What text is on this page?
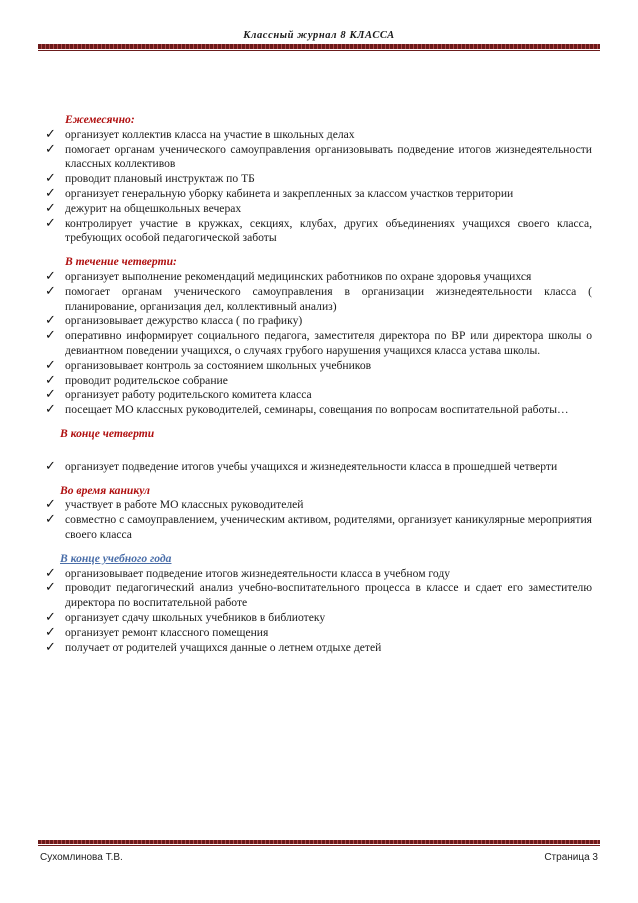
Классный журнал 8 КЛАССА
Ежемесячно:
✓ организует коллектив класса на участие в школьных делах
✓ помогает органам ученического самоуправления организовывать подведение итогов жизнедеятельности классных коллективов
✓ проводит плановый инструктаж по ТБ
✓ организует генеральную уборку кабинета и закрепленных за классом участков территории
✓ дежурит на общешкольных вечерах
✓ контролирует участие в кружках, секциях, клубах, других объединениях учащихся своего класса, требующих особой педагогической заботы
В течение четверти:
✓ организует выполнение рекомендаций медицинских работников по охране здоровья учащихся
✓ помогает органам ученического самоуправления в организации жизнедеятельности класса ( планирование, организация дел, коллективный анализ)
✓ организовывает дежурство класса ( по графику)
✓ оперативно информирует социального педагога, заместителя директора по ВР или директора школы о девиантном поведении учащихся, о случаях грубого нарушения учащихся класса устава школы.
✓ организовывает контроль за состоянием школьных учебников
✓ проводит родительское собрание
✓ организует работу родительского комитета класса
✓ посещает МО классных руководителей, семинары, совещания по вопросам воспитательной работы…
В конце четверти
✓ организует подведение итогов учебы учащихся и жизнедеятельности класса в прошедшей четверти
Во время каникул
✓ участвует в работе МО классных руководителей
✓ совместно с самоуправлением, ученическим активом, родителями, организует каникулярные мероприятия своего класса
В конце учебного года
✓ организовывает подведение итогов жизнедеятельности класса в учебном году
✓ проводит педагогический анализ учебно-воспитательного процесса в классе и сдает его заместителю директора по воспитательной работе
✓ организует сдачу школьных учебников в библиотеку
✓ организует ремонт классного помещения
✓ получает от родителей учащихся данные о летнем отдыхе детей
Сухомлинова Т.В.	Страница 3
